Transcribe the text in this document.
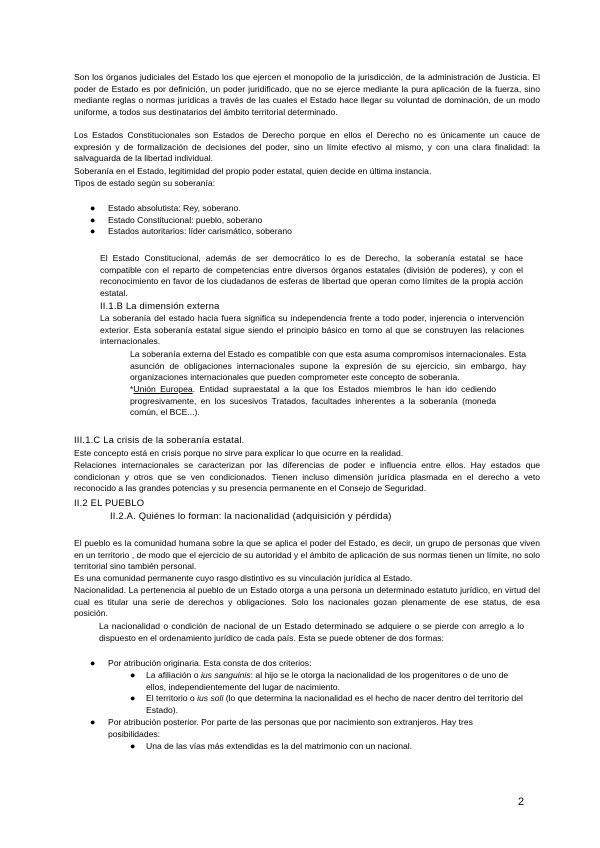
Son los órganos judiciales del Estado los que ejercen el monopolio de la jurisdicción, de la administración de Justicia. El poder de Estado es por definición, un poder juridificado, que no se ejerce mediante la pura aplicación de la fuerza, sino mediante reglas o normas jurídicas a través de las cuales el Estado hace llegar su voluntad de dominación, de un modo uniforme, a todos sus destinatarios del ámbito territorial determinado.

Los Estados Constitucionales son Estados de Derecho porque en ellos el Derecho no es únicamente un cauce de expresión y de formalización de decisiones del poder, sino un límite efectivo al mismo, y con una clara finalidad: la salvaguarda de la libertad individual.

Soberanía en el Estado, legitimidad del propio poder estatal, quien decide en última instancia.

Tipos de estado según su soberanía:

● Estado absolutista: Rey, soberano.
● Estado Constitucional: pueblo, soberano
● Estados autoritarios: líder carismático, soberano

El Estado Constitucional, además de ser democrático lo es de Derecho, la soberanía estatal se hace compatible con el reparto de competencias entre diversos órganos estatales (división de poderes), y con el reconocimiento en favor de los ciudadanos de esferas de libertad que operan como límites de la propia acción estatal.

II.1.B La dimensión externa

La soberanía del estado hacia fuera significa su independencia frente a todo poder, injerencia o intervención exterior. Esta soberanía estatal sigue siendo el principio básico en torno al que se construyen las relaciones internacionales.

La soberanía externa del Estado es compatible con que esta asuma compromisos internacionales. Esta asunción de obligaciones internacionales supone la expresión de su ejercicio, sin embargo, hay organizaciones internacionales que pueden comprometer este concepto de soberanía.

*Unión Europea. Entidad supraestatal a la que los Estados miembros le han ido cediendo progresivamente, en los sucesivos Tratados, facultades inherentes a la soberanía (moneda común, el BCE...).

III.1.C La crisis de la soberanía estatal.

Este concepto está en crisis porque no sirve para explicar lo que ocurre en la realidad.

Relaciones internacionales se caracterizan por las diferencias de poder e influencia entre ellos. Hay estados que condicionan y otros que se ven condicionados. Tienen incluso dimensión jurídica plasmada en el derecho a veto reconocido a las grandes potencias y su presencia permanente en el Consejo de Seguridad.

II.2 EL PUEBLO

II.2.A. Quiénes lo forman: la nacionalidad (adquisición y pérdida)

El pueblo es la comunidad humana sobre la que se aplica el poder del Estado, es decir, un grupo de personas que viven en un territorio , de modo que el ejercicio de su autoridad y el ámbito de aplicación de sus normas tienen un límite, no solo territorial sino también personal.

Es una comunidad permanente cuyo rasgo distintivo es su vinculación jurídica al Estado.

Nacionalidad. La pertenencia al pueblo de un Estado otorga a una persona un determinado estatuto jurídico, en virtud del cual es titular una serie de derechos y obligaciones. Solo los nacionales gozan plenamente de ese status, de esa posición.

La nacionalidad o condición de nacional de un Estado determinado se adquiere o se pierde con arreglo a lo dispuesto en el ordenamiento jurídico de cada país. Esta se puede obtener de dos formas:

● Por atribución originaria. Esta consta de dos criterios:
● La afiliación o ius sanguinis: al hijo se le otorga la nacionalidad de los progenitores o de uno de ellos, independientemente del lugar de nacimiento.
● El territorio o ius soli (lo que determina la nacionalidad es el hecho de nacer dentro del territorio del Estado).
● Por atribución posterior. Por parte de las personas que por nacimiento son extranjeros. Hay tres posibilidades:
● Una de las vías más extendidas es la del matrimonio con un nacional.
2
